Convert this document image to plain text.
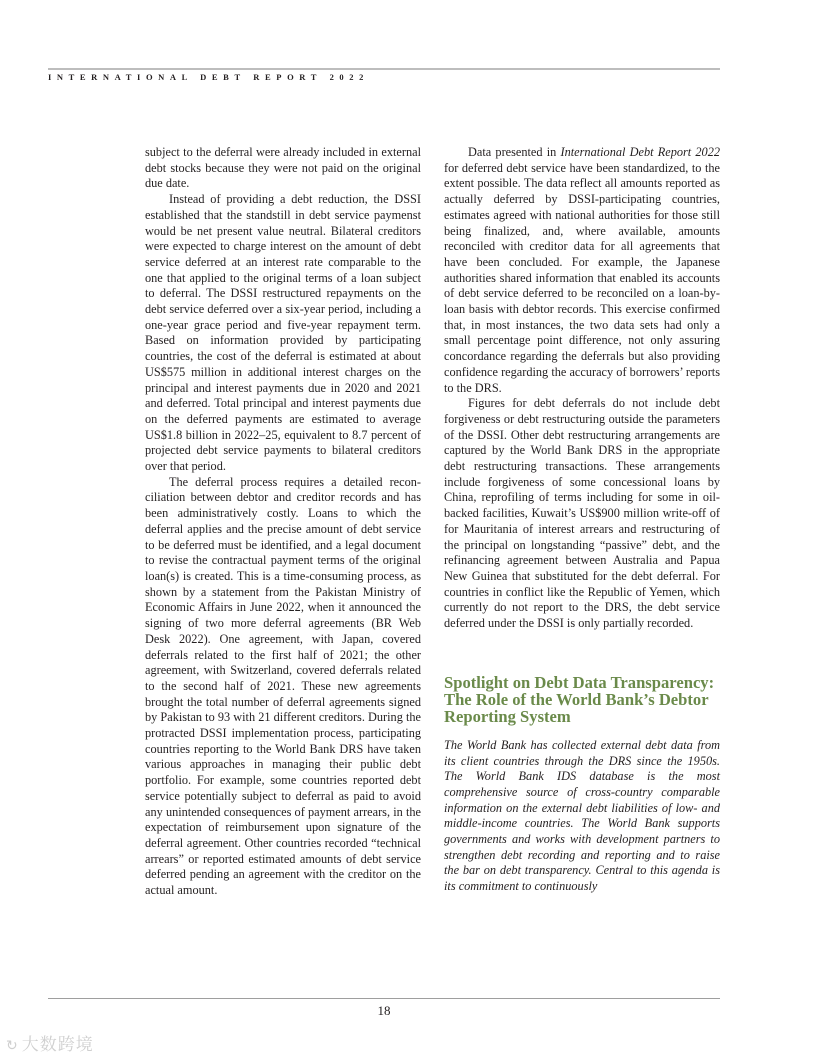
INTERNATIONAL DEBT REPORT 2022

subject to the deferral were already included in external debt stocks because they were not paid on the original due date.

Instead of providing a debt reduction, the DSSI established that the standstill in debt service paymenst would be net present value neutral. Bilateral creditors were expected to charge interest on the amount of debt service deferred at an interest rate comparable to the one that applied to the original terms of a loan subject to deferral. The DSSI restructured repayments on the debt service deferred over a six-year period, including a one-year grace period and five-year repayment term. Based on information provided by participating countries, the cost of the deferral is estimated at about US$575 million in additional interest charges on the principal and interest payments due in 2020 and 2021 and deferred. Total principal and interest payments due on the deferred payments are estimated to average US$1.8 billion in 2022–25, equivalent to 8.7 percent of projected debt service payments to bilateral creditors over that period.

The deferral process requires a detailed reconciliation between debtor and creditor records and has been administratively costly. Loans to which the deferral applies and the precise amount of debt service to be deferred must be identified, and a legal document to revise the contractual payment terms of the original loan(s) is created. This is a time-consuming process, as shown by a statement from the Pakistan Ministry of Economic Affairs in June 2022, when it announced the signing of two more deferral agreements (BR Web Desk 2022). One agreement, with Japan, covered deferrals related to the first half of 2021; the other agreement, with Switzerland, covered deferrals related to the second half of 2021. These new agreements brought the total number of deferral agreements signed by Pakistan to 93 with 21 different creditors. During the protracted DSSI implementation process, participating countries reporting to the World Bank DRS have taken various approaches in managing their public debt portfolio. For example, some countries reported debt service potentially subject to deferral as paid to avoid any unintended consequences of payment arrears, in the expectation of reimbursement upon signature of the deferral agreement. Other countries recorded “technical arrears” or reported estimated amounts of debt service deferred pending an agreement with the creditor on the actual amount.

Data presented in International Debt Report 2022 for deferred debt service have been standardized, to the extent possible. The data reflect all amounts reported as actually deferred by DSSI-participating countries, estimates agreed with national authorities for those still being finalized, and, where available, amounts reconciled with creditor data for all agreements that have been concluded. For example, the Japanese authorities shared information that enabled its accounts of debt service deferred to be reconciled on a loan-by-loan basis with debtor records. This exercise confirmed that, in most instances, the two data sets had only a small percentage point difference, not only assuring concordance regarding the deferrals but also providing confidence regarding the accuracy of borrowers’ reports to the DRS.

Figures for debt deferrals do not include debt forgiveness or debt restructuring outside the parameters of the DSSI. Other debt restructuring arrangements are captured by the World Bank DRS in the appropriate debt restructuring transactions. These arrangements include forgiveness of some concessional loans by China, reprofiling of terms including for some in oil-backed facilities, Kuwait’s US$900 million write-off of for Mauritania of interest arrears and restructuring of the principal on longstanding “passive” debt, and the refinancing agreement between Australia and Papua New Guinea that substituted for the debt deferral. For countries in conflict like the Republic of Yemen, which currently do not report to the DRS, the debt service deferred under the DSSI is only partially recorded.

Spotlight on Debt Data Transparency: The Role of the World Bank’s Debtor Reporting System

The World Bank has collected external debt data from its client countries through the DRS since the 1950s. The World Bank IDS database is the most comprehensive source of cross-country comparable information on the external debt liabilities of low- and middle-income countries. The World Bank supports governments and works with development partners to strengthen debt recording and reporting and to raise the bar on debt transparency. Central to this agenda is its commitment to continuously

18
↻ 大数跨境
